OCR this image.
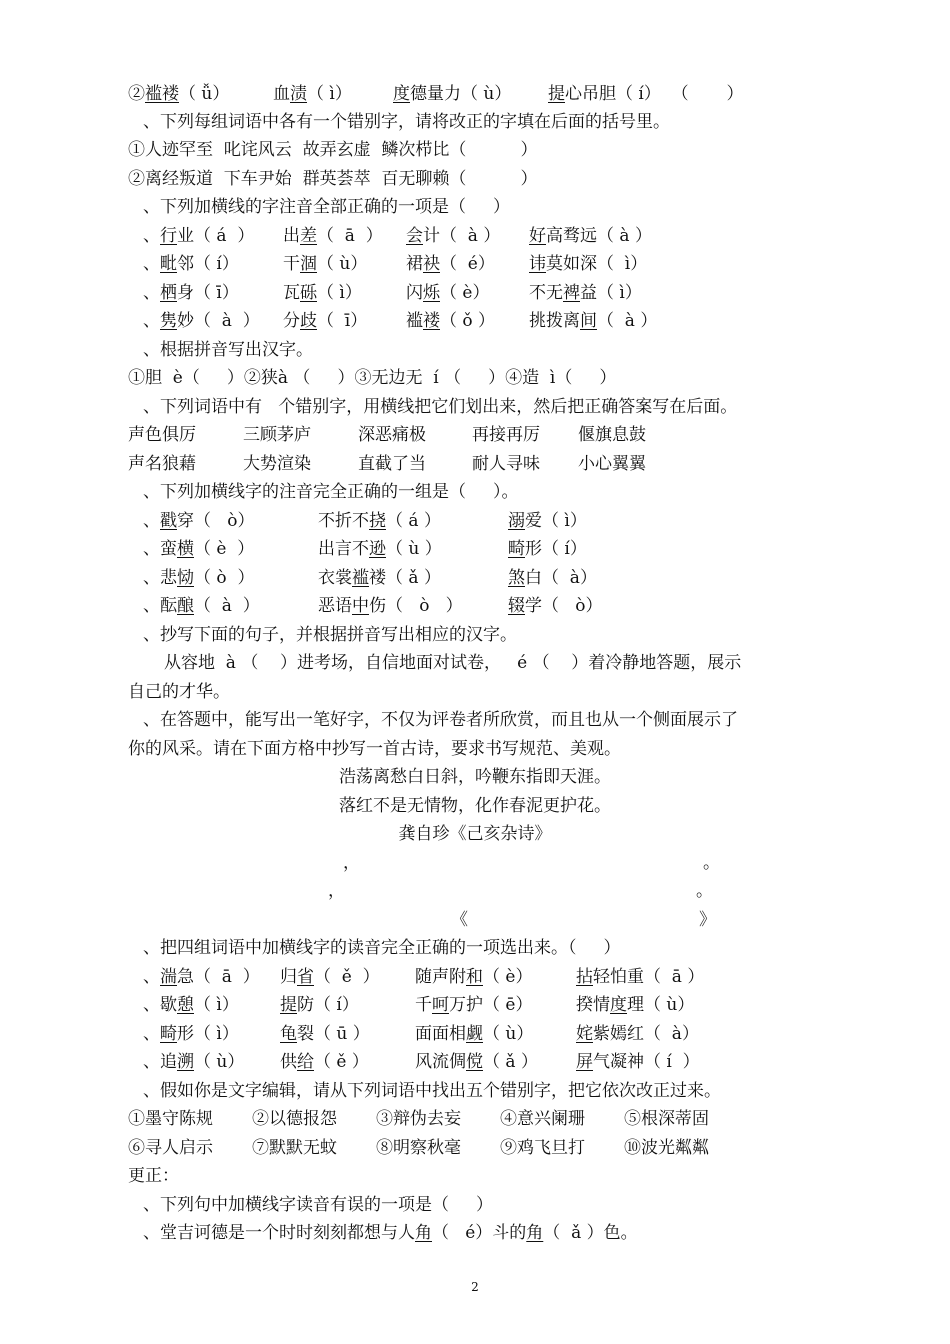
②褴褛（ ǚ）	血渍（ ì） 度德量力（ ù） 提心吊胆（ í）  （       ）
、下列每组词语中各有一个错别字，请将改正的字填在后面的括号里。
①人迹罕至  叱诧风云  故弄玄虚  鳞次栉比（          ）
②离经叛道  下车尹始  群英荟萃  百无聊赖（          ）
、下列加横线的字注音全部正确的一项是（     ）
、行业（ á  ） 出差（  ā  ） 会计（  à ） 好高骛远（ à ）
、毗邻（ í）	干涸（ ù） 裙袂（  é） 讳莫如深（  ì）
、栖身（ ī）	瓦砾（ ì）	闪烁（ è） 不无裨益（ ì）
、隽妙（  à  ） 分歧（  ī） 褴褛（ ǒ ） 挑拨离间（  à ）
、根据拼音写出汉字。
①胆  è（     ）②狭à （     ）③无边无  í （     ）④造  ì（     ）
、下列词语中有   个错别字，用横线把它们划出来，然后把正确答案写在后面。
声色俱厉	三顾茅庐	深恶痛极	再接再厉 偃旗息鼓
声名狼藉	大势渲染	直截了当	耐人寻味 小心翼翼
、下列加横线字的注音完全正确的一组是（     ）。
、戳穿（   ò）	不折不挠（ á ）	溺爱（ ì）
、蛮横（ è  ）	出言不逊（ ù ）	畸形（ í）
、悲恸（ ò  ）	衣裳褴褛（ ǎ ）	煞白（  à）
、酝酿（  à  ）	恶语中伤（   ò   ）	辍学（   ò）
、抄写下面的句子，并根据拼音写出相应的汉字。
从容地  à （    ）进考场，自信地面对试卷，   é （    ）着冷静地答题，展示
自己的才华。
、在答题中，能写出一笔好字，不仅为评卷者所欣赏，而且也从一个侧面展示了
你的风采。请在下面方格中抄写一首古诗，要求书写规范、美观。
浩荡离愁白日斜，吟鞭东指即天涯。
落红不是无情物，化作春泥更护花。
龚自珍《己亥杂诗》
，	。
，	。
《	》
、把四组词语中加横线字的读音完全正确的一项选出来。（     ）
、湍急（  ā  ） 归省（  ě  ） 随声附和（ è）	拈轻怕重（  ā ）
、歇憩（ ì） 提防（ í）	千呵万护（ ē）	揆情度理（ ù）
、畸形（ ì） 龟裂（ ū ）	面面相觑（ ù）	姹紫嫣红（  à）
、追溯（ ù） 供给（ ě ）	风流倜傥（ ǎ ） 屏气凝神（ í  ）
、假如你是文字编辑，请从下列词语中找出五个错别字，把它依次改正过来。
①墨守陈规 ②以德报怨 ③辩伪去妄 ④意兴阑珊 ⑤根深蒂固
⑥寻人启示 ⑦默默无蚊 ⑧明察秋毫 ⑨鸡飞旦打 ⑩波光粼粼
更正：
、下列句中加横线字读音有误的一项是（     ）
、堂吉诃德是一个时时刻刻都想与人角（   é）斗的角（  ǎ ）色。
2
